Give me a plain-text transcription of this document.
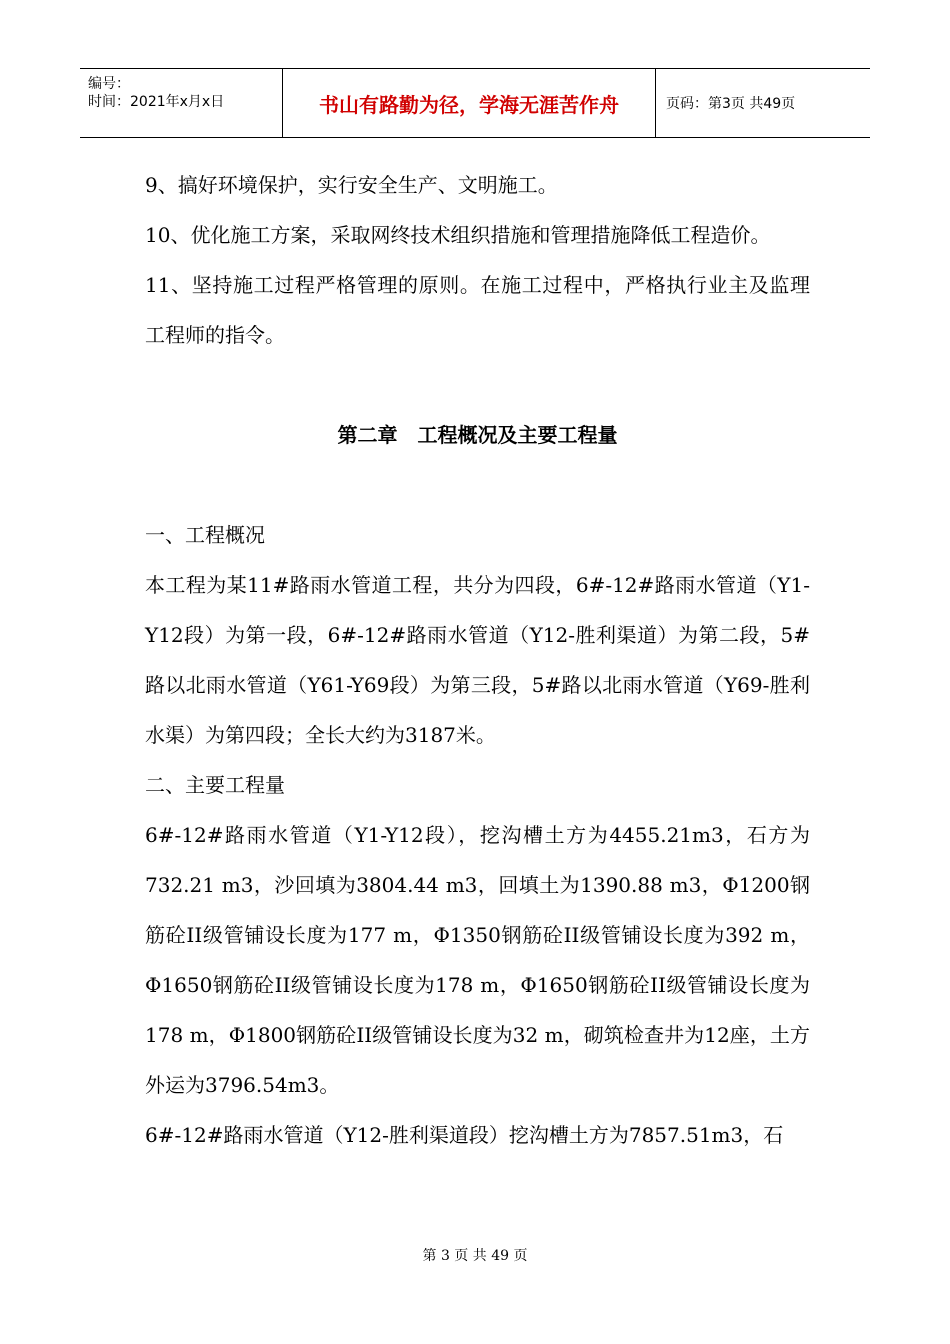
编号：
时间：2021年x月x日	书山有路勤为径，学海无涯苦作舟	页码：第3页 共49页

9、搞好环境保护，实行安全生产、文明施工。

10、优化施工方案，采取网终技术组织措施和管理措施降低工程造价。

11、坚持施工过程严格管理的原则。在施工过程中，严格执行业主及监理工程师的指令。

第二章　工程概况及主要工程量

一、工程概况

本工程为某11#路雨水管道工程，共分为四段，6#-12#路雨水管道（Y1-Y12段）为第一段，6#-12#路雨水管道（Y12-胜利渠道）为第二段，5#路以北雨水管道（Y61-Y69段）为第三段，5#路以北雨水管道（Y69-胜利水渠）为第四段；全长大约为3187米。

二、主要工程量

6#-12#路雨水管道（Y1-Y12段），挖沟槽土方为4455.21m3，石方为732.21 m3，沙回填为3804.44 m3，回填土为1390.88 m3，Φ1200钢筋砼II级管铺设长度为177 m，Φ1350钢筋砼II级管铺设长度为392 m，Φ1650钢筋砼II级管铺设长度为178 m，Φ1650钢筋砼II级管铺设长度为178 m，Φ1800钢筋砼II级管铺设长度为32 m，砌筑检查井为12座，土方外运为3796.54m3。

6#-12#路雨水管道（Y12-胜利渠道段）挖沟槽土方为7857.51m3，石

第 3 页 共 49 页
